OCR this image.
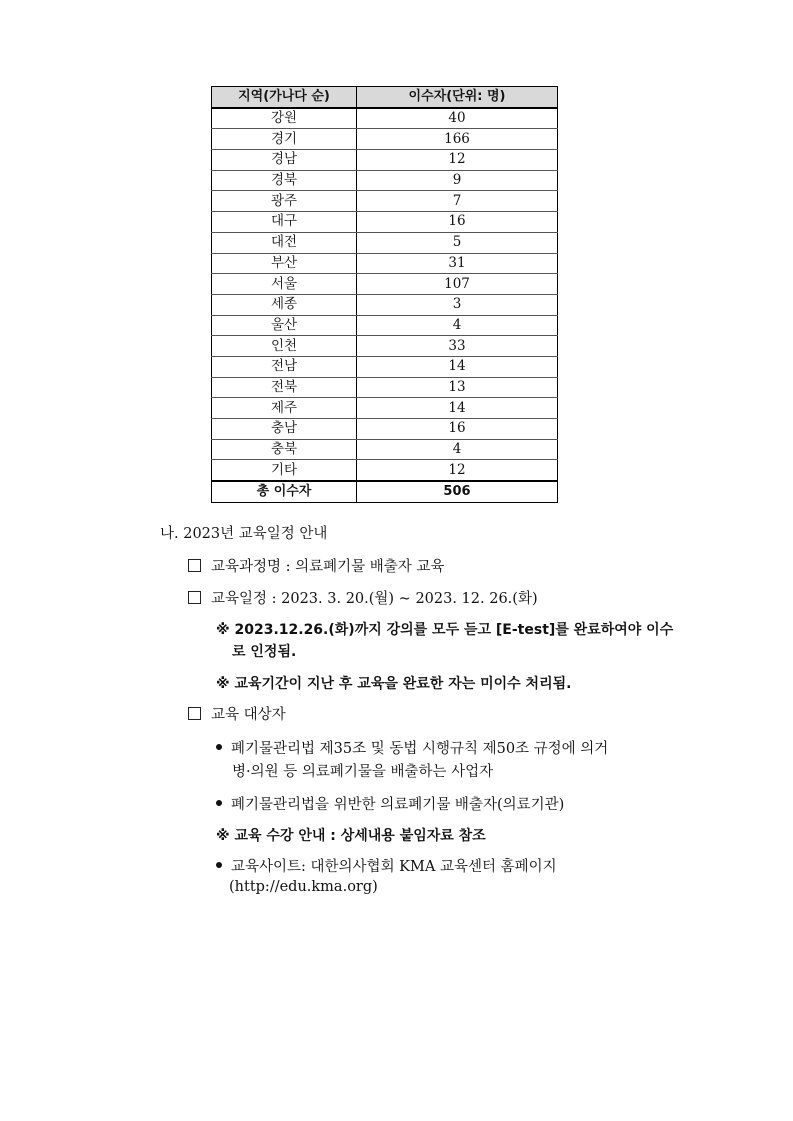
지역(가나다 순)	이수자(단위: 명)
강원	40
경기	166
경남	12
경북	9
광주	7
대구	16
대전	5
부산	31
서울	107
세종	3
울산	4
인천	33
전남	14
전북	13
제주	14
충남	16
충북	4
기타	12
총 이수자	506
나. 2023년 교육일정 안내
교육과정명 : 의료폐기물 배출자 교육
교육일정 : 2023. 3. 20.(월) ~ 2023. 12. 26.(화)
※ 2023.12.26.(화)까지 강의를 모두 듣고 [E-test]를 완료하여야 이수
로 인정됨.
※ 교육기간이 지난 후 교육을 완료한 자는 미이수 처리됨.
교육 대상자
폐기물관리법 제35조 및 동법 시행규칙 제50조 규정에 의거
병·의원 등 의료폐기물을 배출하는 사업자
폐기물관리법을 위반한 의료폐기물 배출자(의료기관)
※ 교육 수강 안내 : 상세내용 붙임자료 참조
교육사이트: 대한의사협회 KMA 교육센터 홈페이지
(http://edu.kma.org)
